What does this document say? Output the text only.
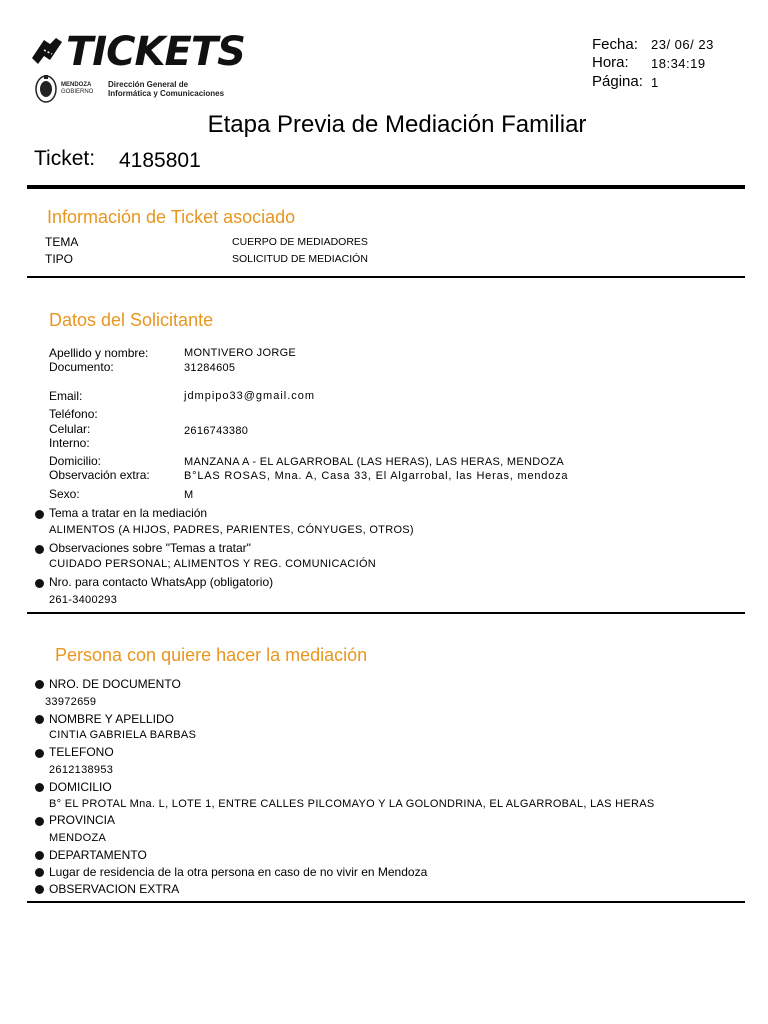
TICKETS
MENDOZA
GOBIERNO
Dirección General de
Informática y Comunicaciones
Fecha: 23/ 06/ 23
Hora: 18:34:19
Página: 1
Etapa Previa de Mediación Familiar
Ticket: 4185801
Información de Ticket asociado
TEMA	CUERPO DE MEDIADORES
TIPO	SOLICITUD DE MEDIACIÓN
Datos del Solicitante
Apellido y nombre:	MONTIVERO JORGE
Documento:	31284605
Email:	jdmpipo33@gmail.com
Teléfono:
Celular:	2616743380
Interno:
Domicilio:	MANZANA A - EL ALGARROBAL (LAS HERAS), LAS HERAS, MENDOZA
Observación extra:	B°LAS ROSAS, Mna. A, Casa 33, El Algarrobal, las Heras, mendoza
Sexo:	M
Tema a tratar en la mediación
ALIMENTOS (A HIJOS, PADRES, PARIENTES, CÓNYUGES, OTROS)
Observaciones sobre "Temas a tratar"
CUIDADO PERSONAL; ALIMENTOS Y REG. COMUNICACIÓN
Nro. para contacto WhatsApp (obligatorio)
261-3400293
Persona con quiere hacer la mediación
NRO. DE DOCUMENTO
33972659
NOMBRE Y APELLIDO
CINTIA GABRIELA BARBAS
TELEFONO
2612138953
DOMICILIO
B° EL PROTAL Mna. L, LOTE 1, ENTRE CALLES PILCOMAYO Y LA GOLONDRINA, EL ALGARROBAL, LAS HERAS
PROVINCIA
MENDOZA
DEPARTAMENTO
Lugar de residencia de la otra persona en caso de no vivir en Mendoza
OBSERVACION EXTRA
